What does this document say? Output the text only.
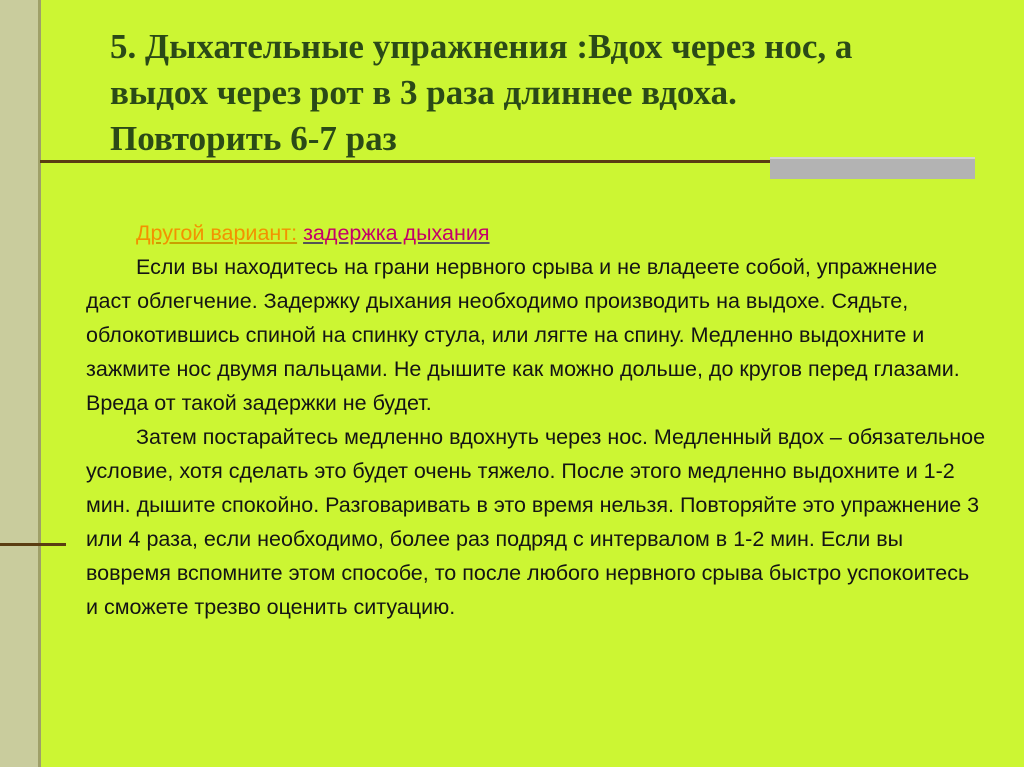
5. Дыхательные упражнения :Вдох через нос, а
выдох через рот в 3 раза длиннее вдоха.
Повторить 6-7 раз
Другой вариант: задержка дыхания

Если вы находитесь на грани нервного срыва и не владеете собой, упражнение даст облегчение. Задержку дыхания необходимо производить на выдохе. Сядьте, облокотившись спиной на спинку стула, или лягте на спину. Медленно выдохните и зажмите нос двумя пальцами. Не дышите как можно дольше, до кругов перед глазами. Вреда от такой задержки не будет.

Затем постарайтесь медленно вдохнуть через нос. Медленный вдох – обязательное условие, хотя сделать это будет очень тяжело. После этого медленно выдохните и 1-2 мин. дышите спокойно. Разговаривать в это время нельзя. Повторяйте это упражнение 3 или 4 раза, если необходимо, более раз подряд с интервалом в 1-2 мин. Если вы вовремя вспомните этом способе, то после любого нервного срыва быстро успокоитесь и сможете трезво оценить ситуацию.
